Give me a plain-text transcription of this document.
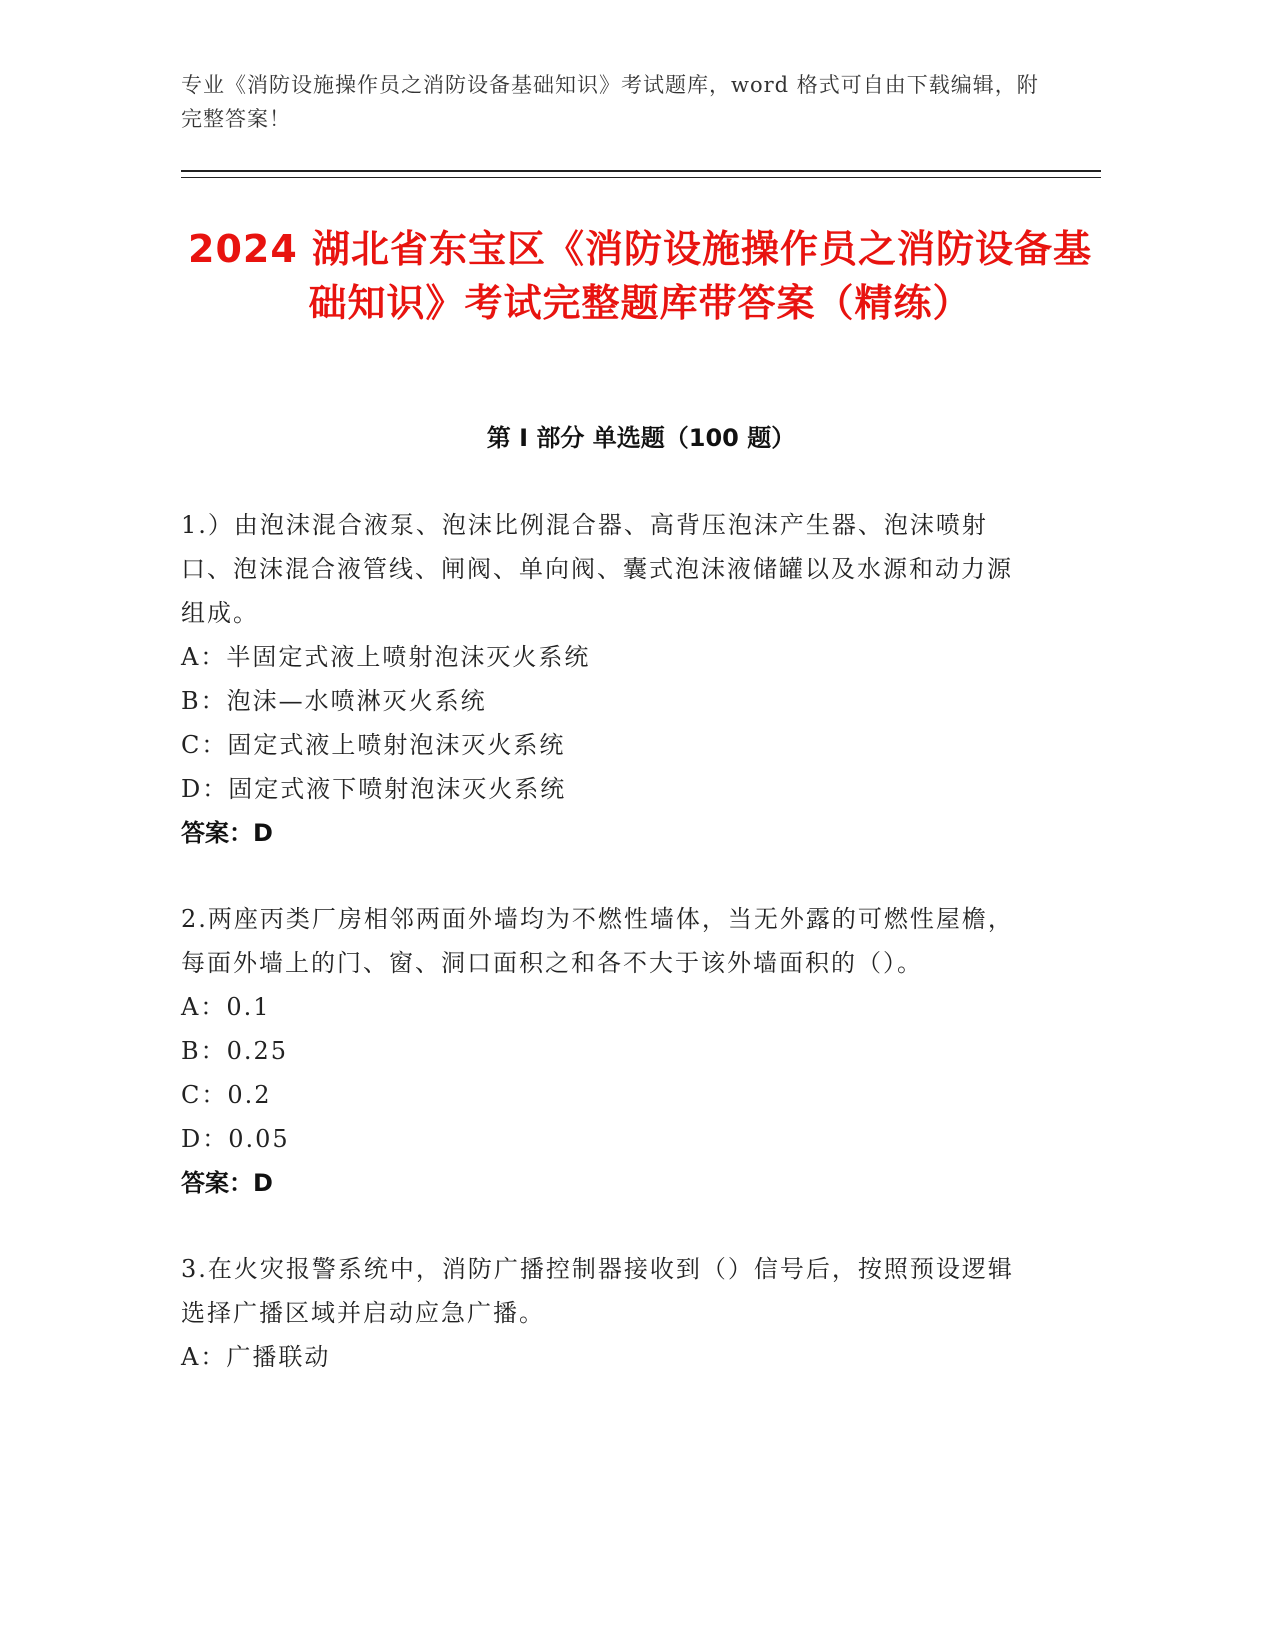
专业《消防设施操作员之消防设备基础知识》考试题库，word 格式可自由下载编辑，附完整答案！
2024 湖北省东宝区《消防设施操作员之消防设备基础知识》考试完整题库带答案（精练）
第 I 部分 单选题（100 题）
1.）由泡沫混合液泵、泡沫比例混合器、高背压泡沫产生器、泡沫喷射口、泡沫混合液管线、闸阀、单向阀、囊式泡沫液储罐以及水源和动力源组成。
A：半固定式液上喷射泡沫灭火系统
B：泡沫—水喷淋灭火系统
C：固定式液上喷射泡沫灭火系统
D：固定式液下喷射泡沫灭火系统
答案：D
2.两座丙类厂房相邻两面外墙均为不燃性墙体，当无外露的可燃性屋檐，每面外墙上的门、窗、洞口面积之和各不大于该外墙面积的（）。
A：0.1
B：0.25
C：0.2
D：0.05
答案：D
3.在火灾报警系统中，消防广播控制器接收到（）信号后，按照预设逻辑选择广播区域并启动应急广播。
A：广播联动
